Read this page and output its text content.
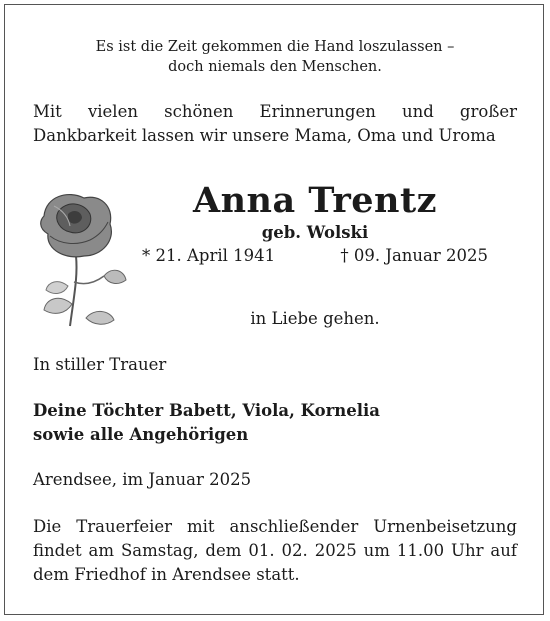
Es ist die Zeit gekommen die Hand loszulassen –

doch niemals den Menschen.

Mit vielen schönen Erinnerungen und großer

Dankbarkeit lassen wir unsere Mama, Oma und Uroma

Anna Trentz

geb. Wolski

* 21. April 1941	† 09. Januar 2025

in Liebe gehen.

In stiller Trauer

Deine Töchter Babett, Viola, Kornelia

sowie alle Angehörigen

Arendsee, im Januar 2025

Die Trauerfeier mit anschließender Urnenbeisetzung

findet am Samstag, dem 01. 02. 2025 um 11.00 Uhr auf

dem Friedhof in Arendsee statt.
